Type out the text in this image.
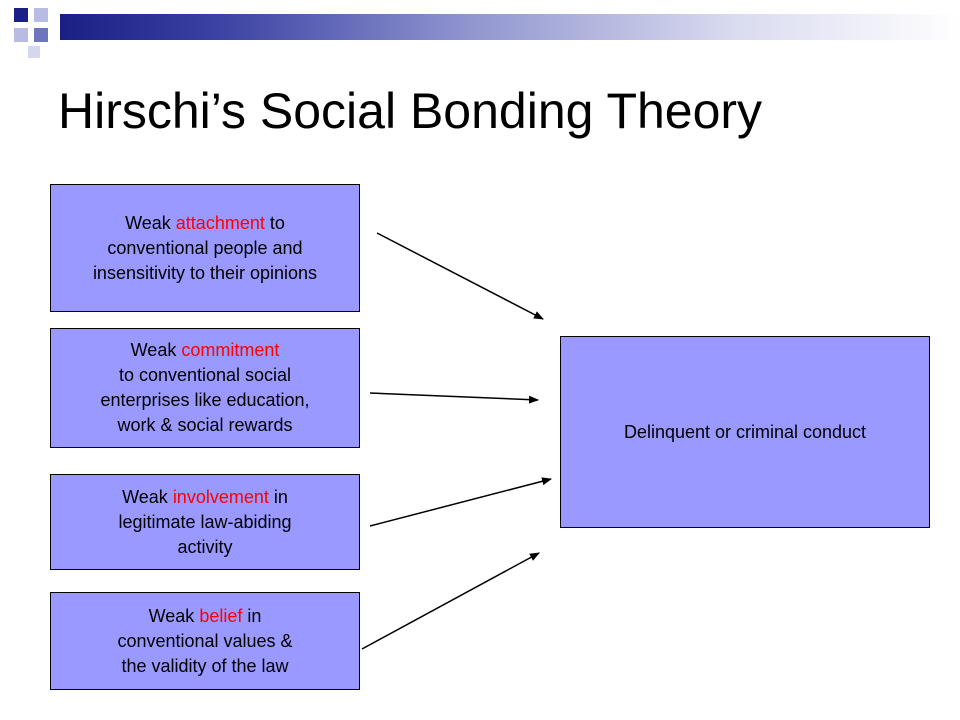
Hirschi’s Social Bonding Theory
Weak attachment to
conventional people and
insensitivity to their opinions
Weak commitment
to conventional social
enterprises like education,
work & social rewards
Weak involvement in
legitimate law-abiding
activity
Weak belief in
conventional values &
the validity of the law
Delinquent or criminal conduct
